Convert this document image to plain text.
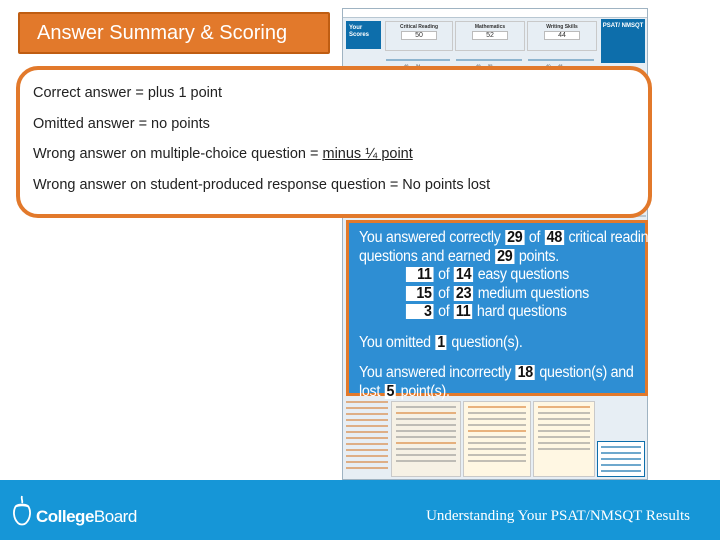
Your Scores
Critical Reading
50
Mathematics
52
Writing Skills
44
PSAT/ NMSQT
You answered correctly 29 of 48 critical reading
questions and earned 29 points.
11 of 14 easy questions
15 of 23 medium questions
3 of 11 hard questions
You omitted 1 question(s).
You answered incorrectly 18 question(s) and
lost 5 point(s).
Answer Summary & Scoring
Correct answer = plus 1 point
Omitted answer = no points
Wrong answer on multiple-choice question = minus ¼ point
Wrong answer on student-produced response question = No points lost
CollegeBoard	Understanding Your PSAT/NMSQT Results
